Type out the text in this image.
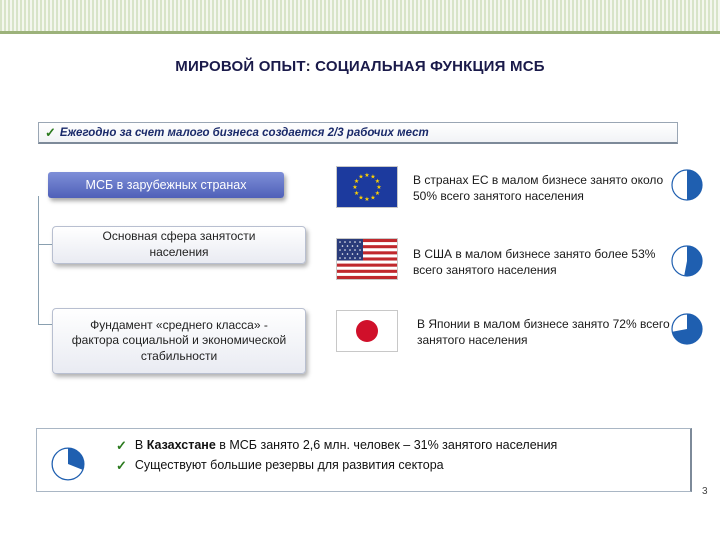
МИРОВОЙ ОПЫТ: СОЦИАЛЬНАЯ ФУНКЦИЯ МСБ
✓ Ежегодно за счет малого бизнеса создается 2/3 рабочих мест
МСБ в зарубежных странах
Основная сфера занятости населения
Фундамент «среднего класса» - фактора социальной и экономической стабильности
★ ★
★
★
★
★
★
★
★
★
★
★	В странах ЕС в малом бизнесе занято около 50% всего занятого населения
В США в малом бизнесе занято более 53% всего занятого населения
В Японии в малом бизнесе занято 72% всего занятого населения
✓ В Казахстане в МСБ занято 2,6 млн. человек – 31% занятого населения
✓ Существуют большие резервы для развития сектора
3
